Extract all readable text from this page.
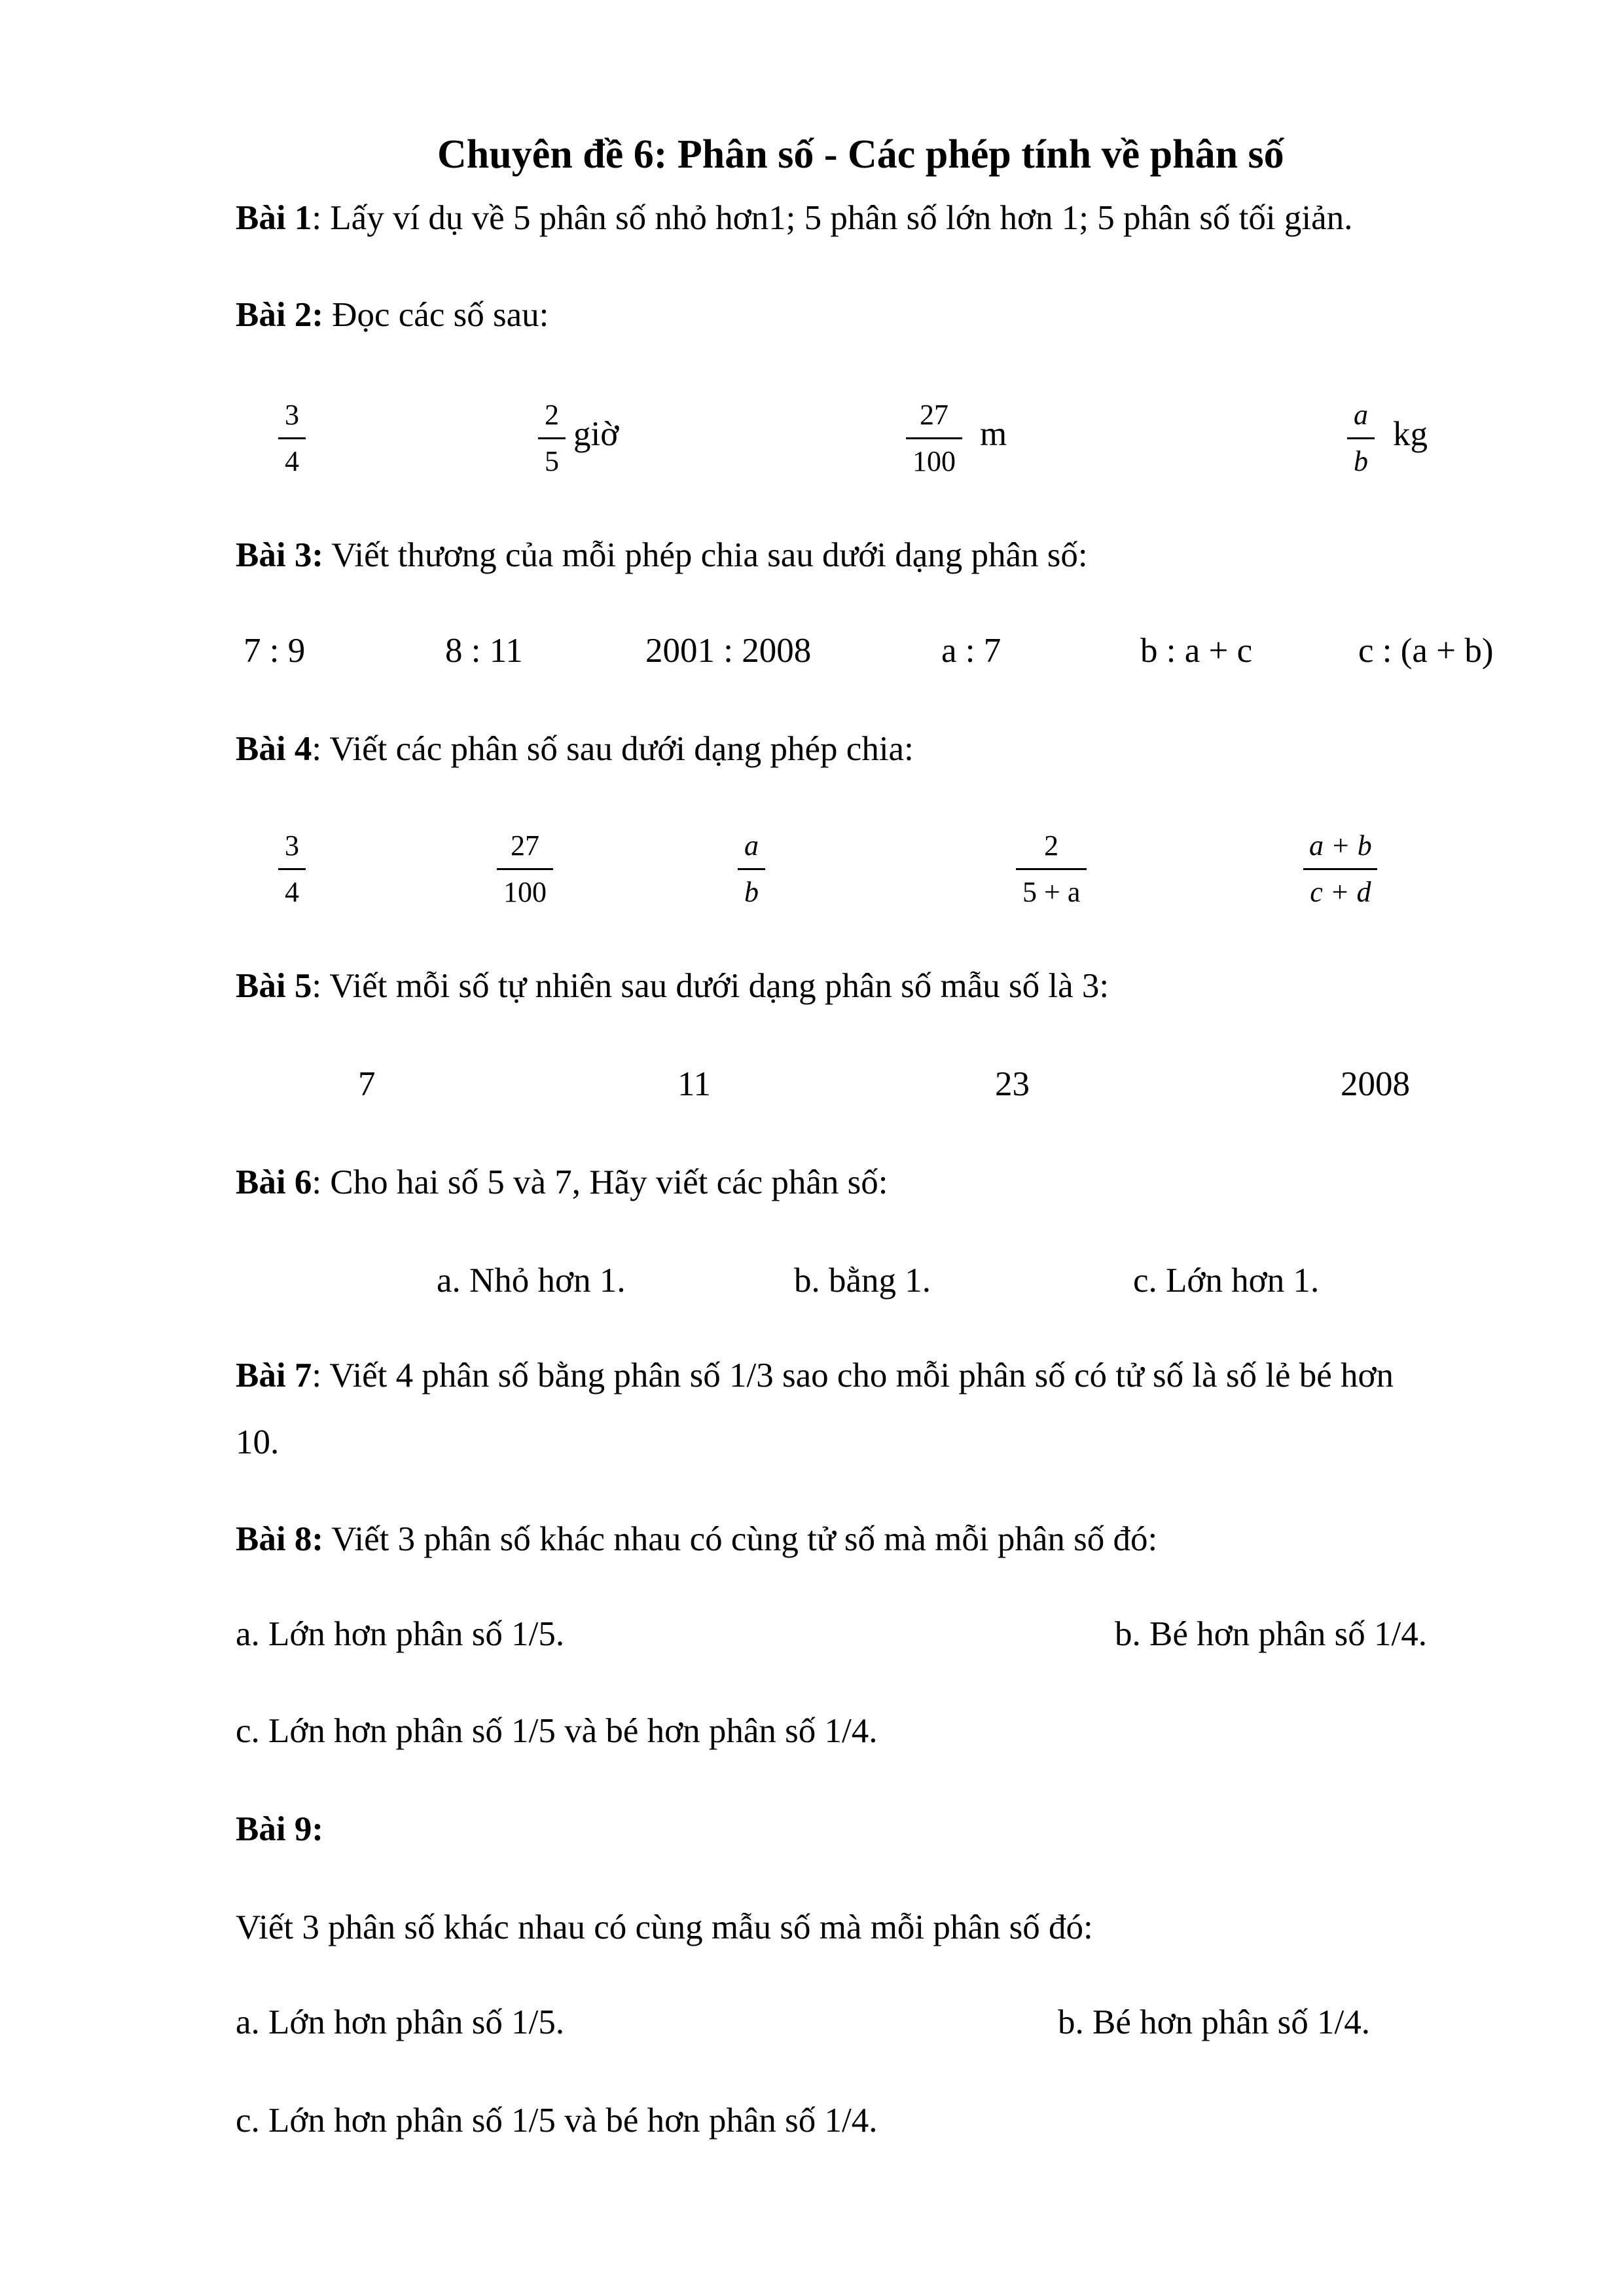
Chuyên đề 6: Phân số - Các phép tính về phân số
Bài 1: Lấy ví dụ về 5 phân số nhỏ hơn1; 5 phân số lớn hơn 1; 5 phân số tối giản.
Bài 2: Đọc các số sau:
$\frac{3}{4}$	$\frac{2}{5}$ giờ	$\frac{27}{100}$ m	$\frac{a}{b}$ kg
Bài 3: Viết thương của mỗi phép chia sau dưới dạng phân số:
7 : 9	8 : 11	2001 : 2008	a : 7	b : a + c	c : (a + b)
Bài 4: Viết các phân số sau dưới dạng phép chia:
$\frac{3}{4}$	$\frac{27}{100}$	$\frac{a}{b}$	$\frac{2}{5 + a}$	$\frac{a + b}{c + d}$
Bài 5: Viết mỗi số tự nhiên sau dưới dạng phân số mẫu số là 3:
7	11	23	2008
Bài 6: Cho hai số 5 và 7, Hãy viết các phân số:
a. Nhỏ hơn 1.	b. bằng 1.	c. Lớn hơn 1.
Bài 7: Viết 4 phân số bằng phân số 1/3 sao cho mỗi phân số có tử số là số lẻ bé hơn
10.
Bài 8: Viết 3 phân số khác nhau có cùng tử số mà mỗi phân số đó:
a. Lớn hơn phân số 1/5.	b. Bé hơn phân số 1/4.
c. Lớn hơn phân số 1/5 và bé hơn phân số 1/4.
Bài 9:
Viết 3 phân số khác nhau có cùng mẫu số mà mỗi phân số đó:
a. Lớn hơn phân số 1/5.	b. Bé hơn phân số 1/4.
c. Lớn hơn phân số 1/5 và bé hơn phân số 1/4.
